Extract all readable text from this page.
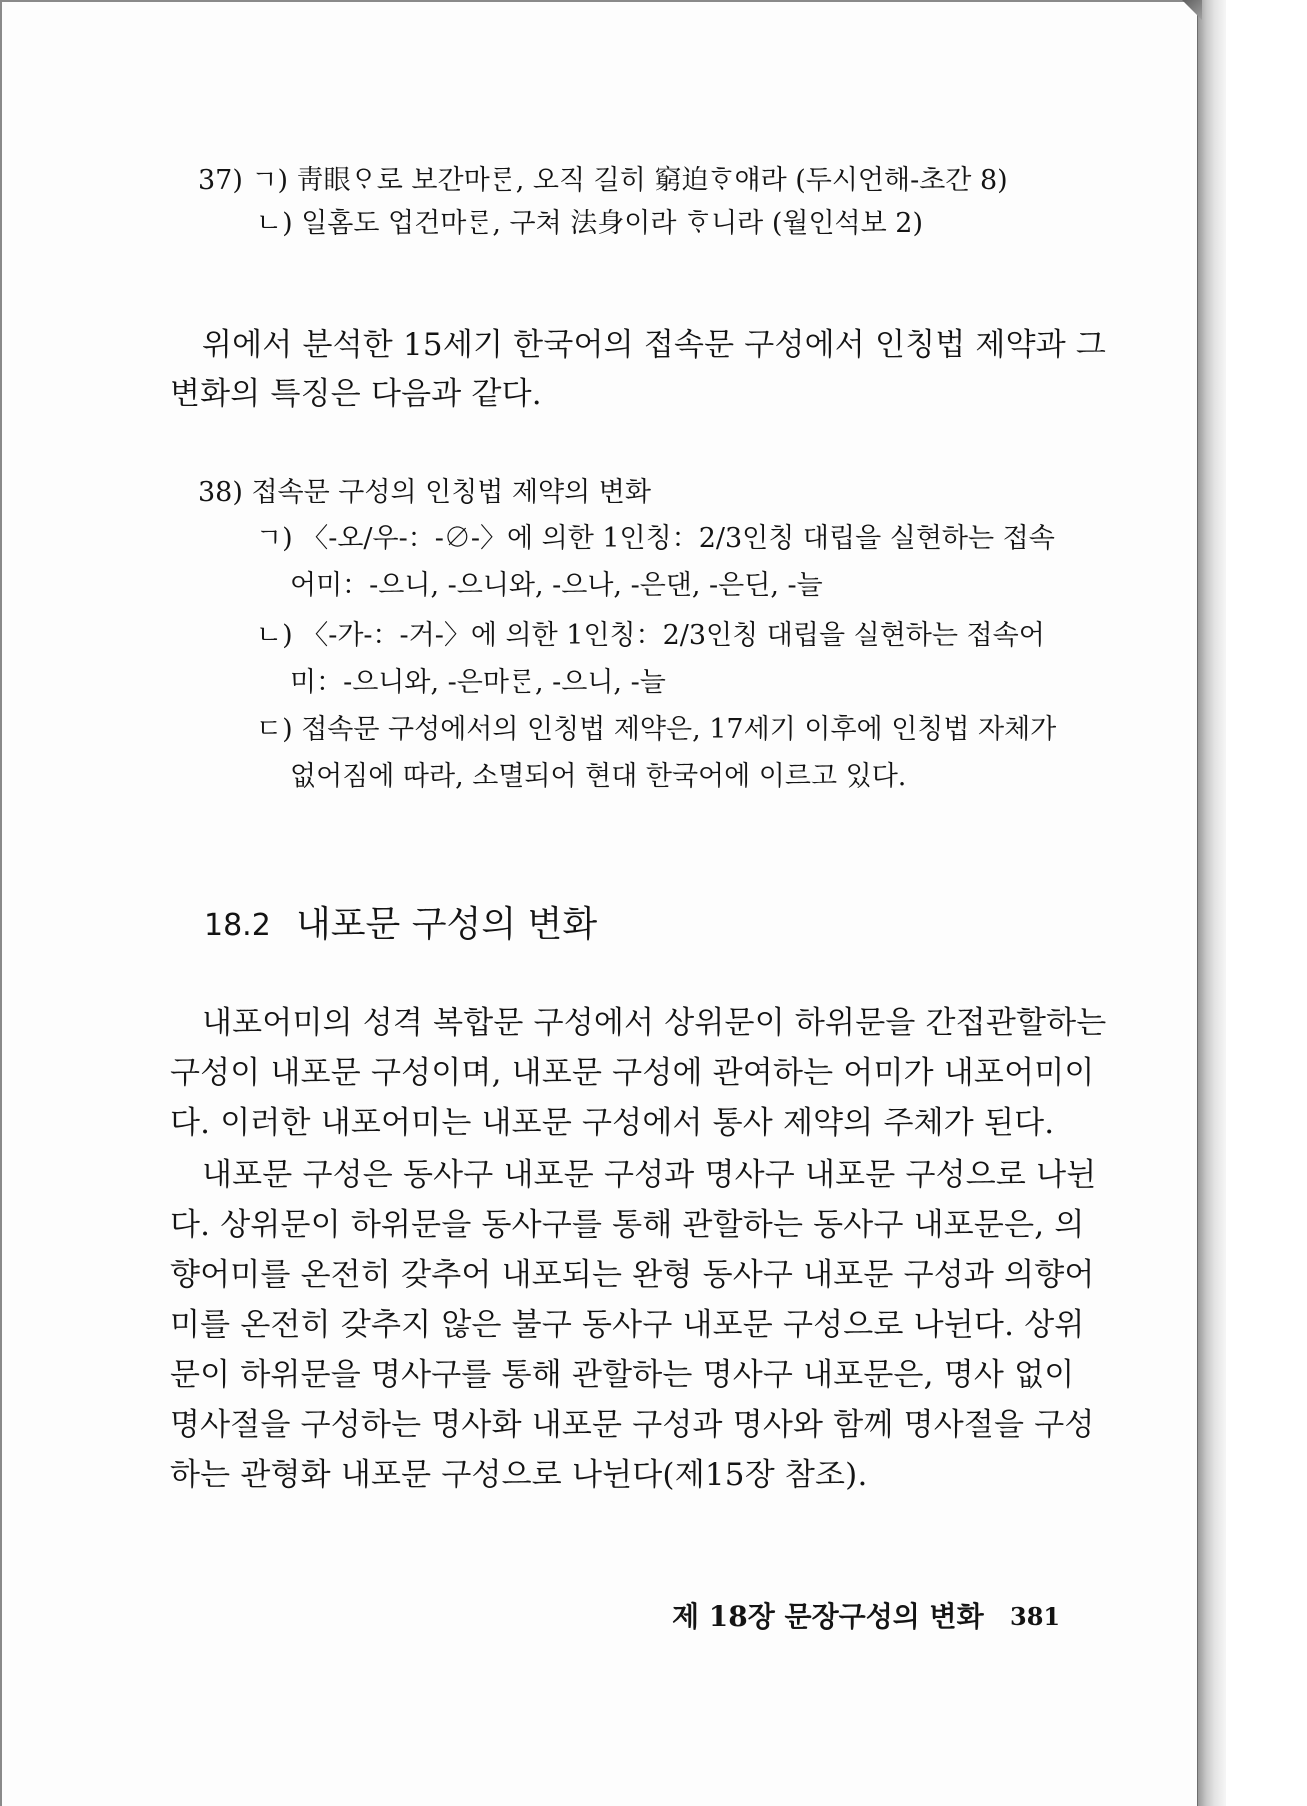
37) ㄱ) 靑眼ᄋᆞ로 보간마ᄅᆞᆫ, 오직 길히 窮迫ᄒᆞ얘라 (두시언해-초간 8)
ㄴ) 일홈도 업건마ᄅᆞᆫ, 구쳐 法身이라 ᄒᆞ니라 (월인석보 2)
위에서 분석한 15세기 한국어의 접속문 구성에서 인칭법 제약과 그
변화의 특징은 다음과 같다.
38) 접속문 구성의 인칭법 제약의 변화
ㄱ) 〈-오/우-：-∅-〉에 의한 1인칭：2/3인칭 대립을 실현하는 접속
어미：-으니, -으니와, -으나, -은댄, -은딘, -늘
ㄴ) 〈-가-：-거-〉에 의한 1인칭：2/3인칭 대립을 실현하는 접속어
미：-으니와, -은마ᄅᆞᆫ, -으니, -늘
ㄷ) 접속문 구성에서의 인칭법 제약은, 17세기 이후에 인칭법 자체가
없어짐에 따라, 소멸되어 현대 한국어에 이르고 있다.
18.2 내포문 구성의 변화
내포어미의 성격 복합문 구성에서 상위문이 하위문을 간접관할하는
구성이 내포문 구성이며, 내포문 구성에 관여하는 어미가 내포어미이
다. 이러한 내포어미는 내포문 구성에서 통사 제약의 주체가 된다.
내포문 구성은 동사구 내포문 구성과 명사구 내포문 구성으로 나뉜
다. 상위문이 하위문을 동사구를 통해 관할하는 동사구 내포문은, 의
향어미를 온전히 갖추어 내포되는 완형 동사구 내포문 구성과 의향어
미를 온전히 갖추지 않은 불구 동사구 내포문 구성으로 나뉜다. 상위
문이 하위문을 명사구를 통해 관할하는 명사구 내포문은, 명사 없이
명사절을 구성하는 명사화 내포문 구성과 명사와 함께 명사절을 구성
하는 관형화 내포문 구성으로 나뉜다(제15장 참조).
제 18장 문장구성의 변화 381
